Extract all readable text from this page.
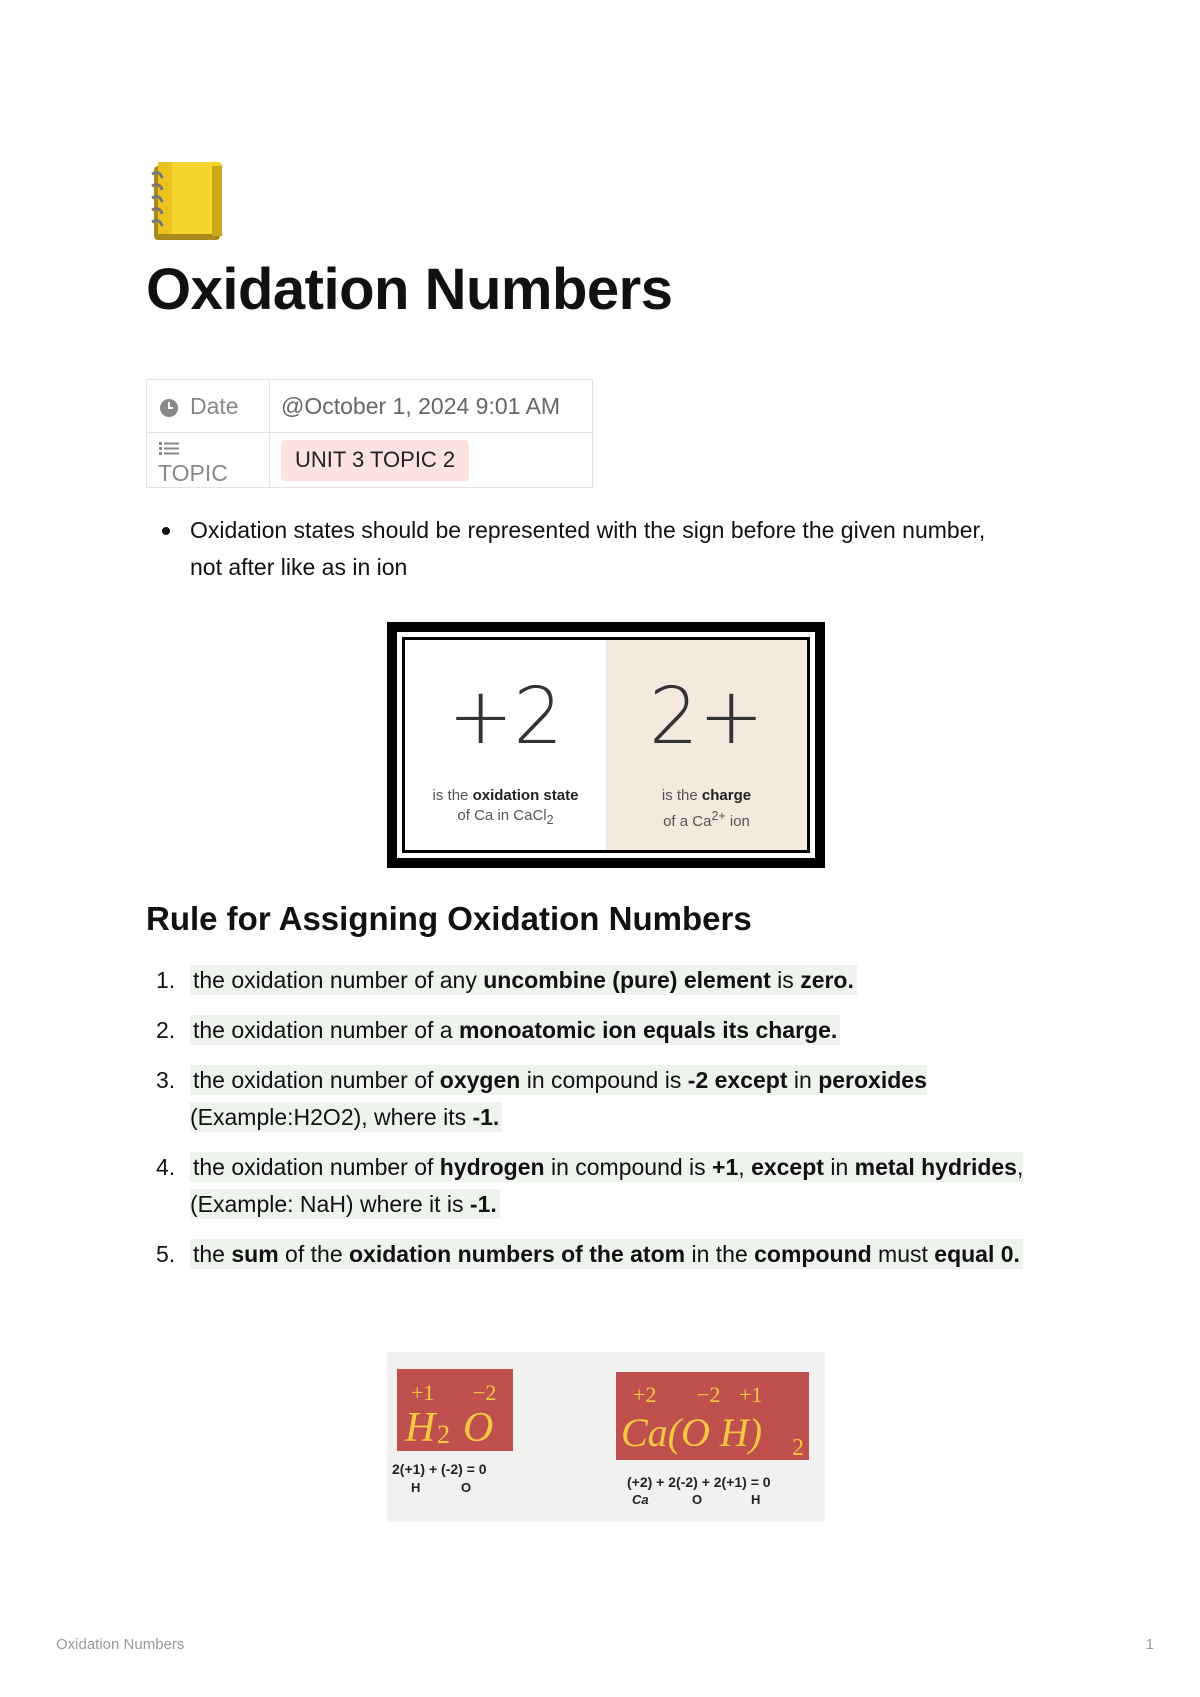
Oxidation Numbers
Date	@October 1, 2024 9:01 AM
TOPIC	UNIT 3 TOPIC 2
Oxidation states should be represented with the sign before the given number, not after like as in ion
+2
is the oxidation state
of Ca in CaCl$_2$
2+
is the charge
of a $Ca^{2+}$ ion
Rule for Assigning Oxidation Numbers
1. the oxidation number of any uncombine (pure) element is zero.
2. the oxidation number of a monoatomic ion equals its charge.
3. the oxidation number of oxygen in compound is -2 except in peroxides (Example:H2O2), where its -1.
4. the oxidation number of hydrogen in compound is +1, except in metal hydrides,(Example: NaH) where it is -1.
5. the sum of the oxidation numbers of the atom in the compound must equal 0.
+1 −2
H 2 O
2(+1) + (-2) = 0
H	O
+2 −2 +1
Ca(O H) 2
(+2) + 2(-2) + 2(+1) = 0
Ca	O	H
Oxidation Numbers	1
